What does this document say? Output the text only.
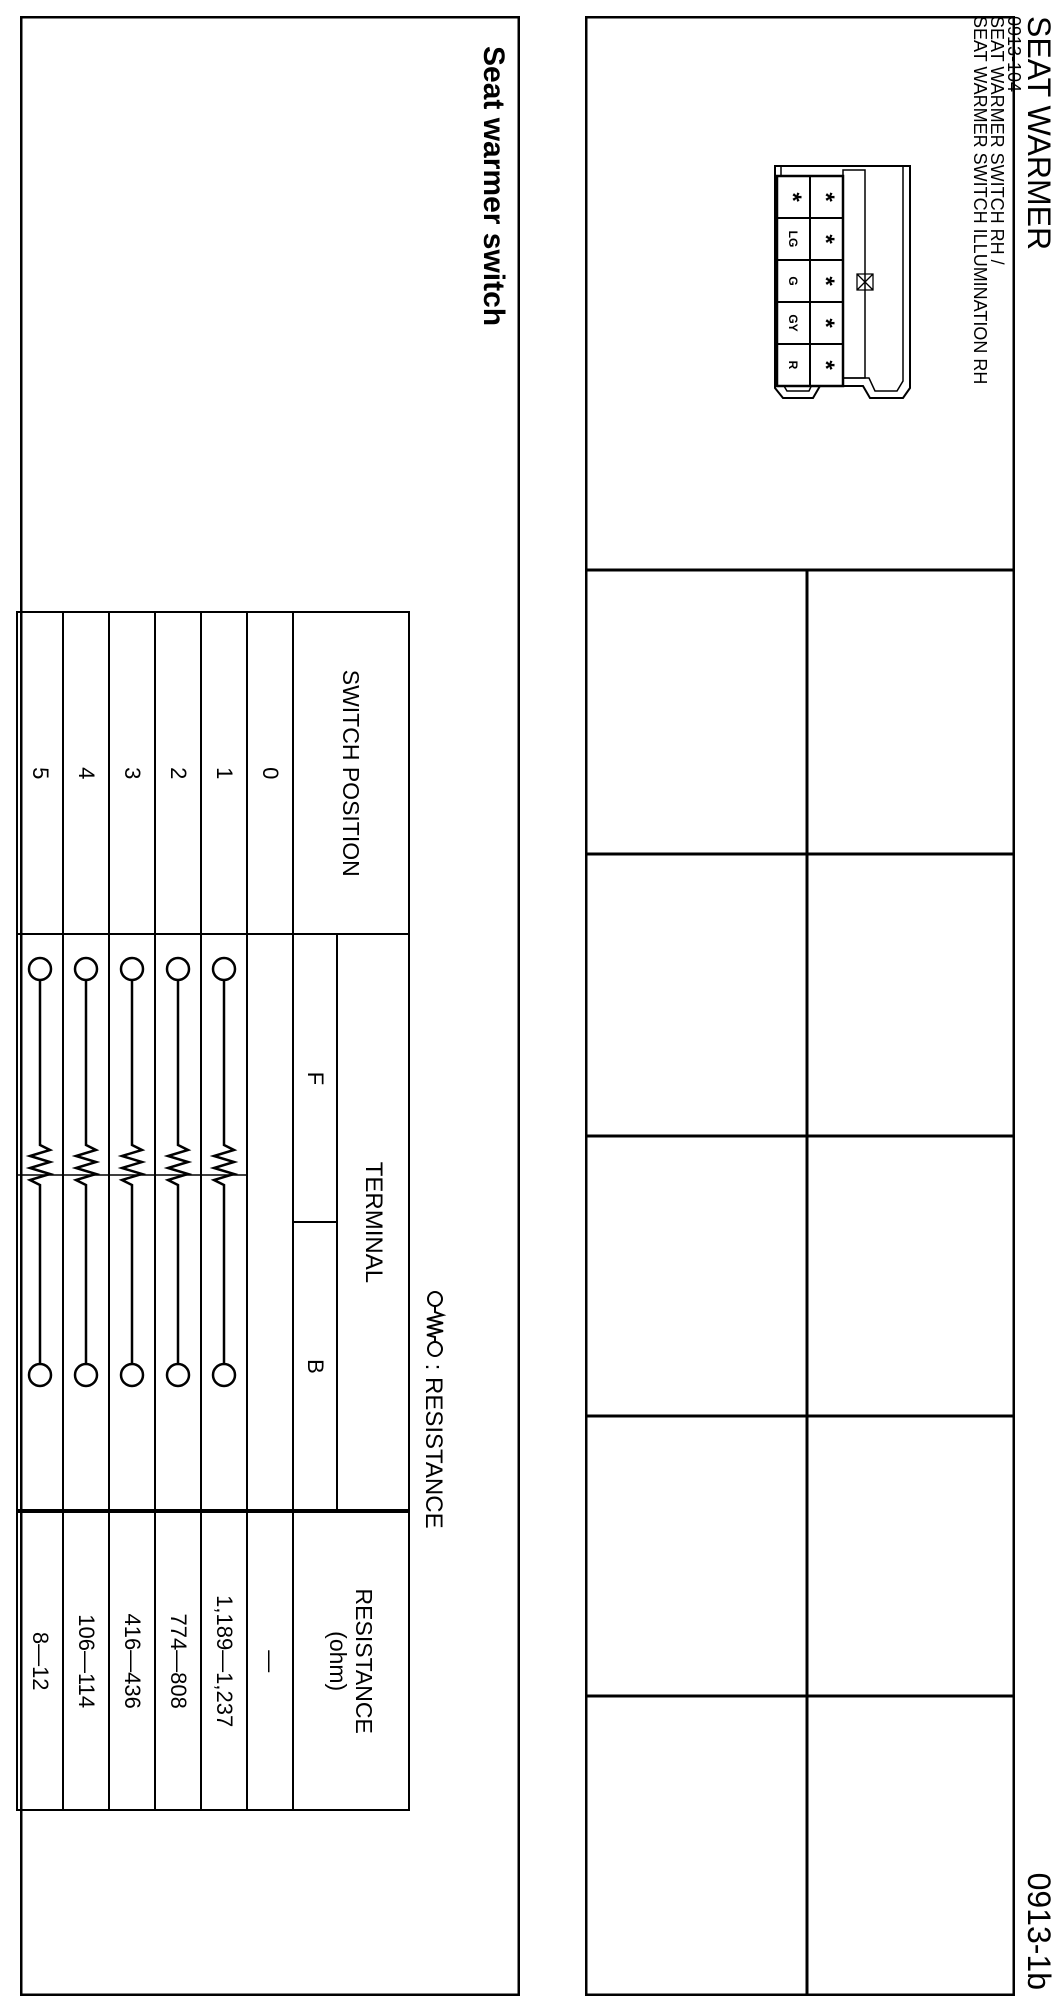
SEAT WARMER
0913-104
SEAT WARMER SWITCH RH /
SEAT WARMER SWITCH ILLUMINATION RH
0913-1b
*
*
*
*
*
*
LG
G
GY
R
Seat warmer switch
: RESISTANCE
SWITCH POSITION	TERMINAL	RESISTANCE
(ohm)

F
B	

0		—
1		1,189—1,237
2		774—808
3		416—436
4		106—114
5		8—12
